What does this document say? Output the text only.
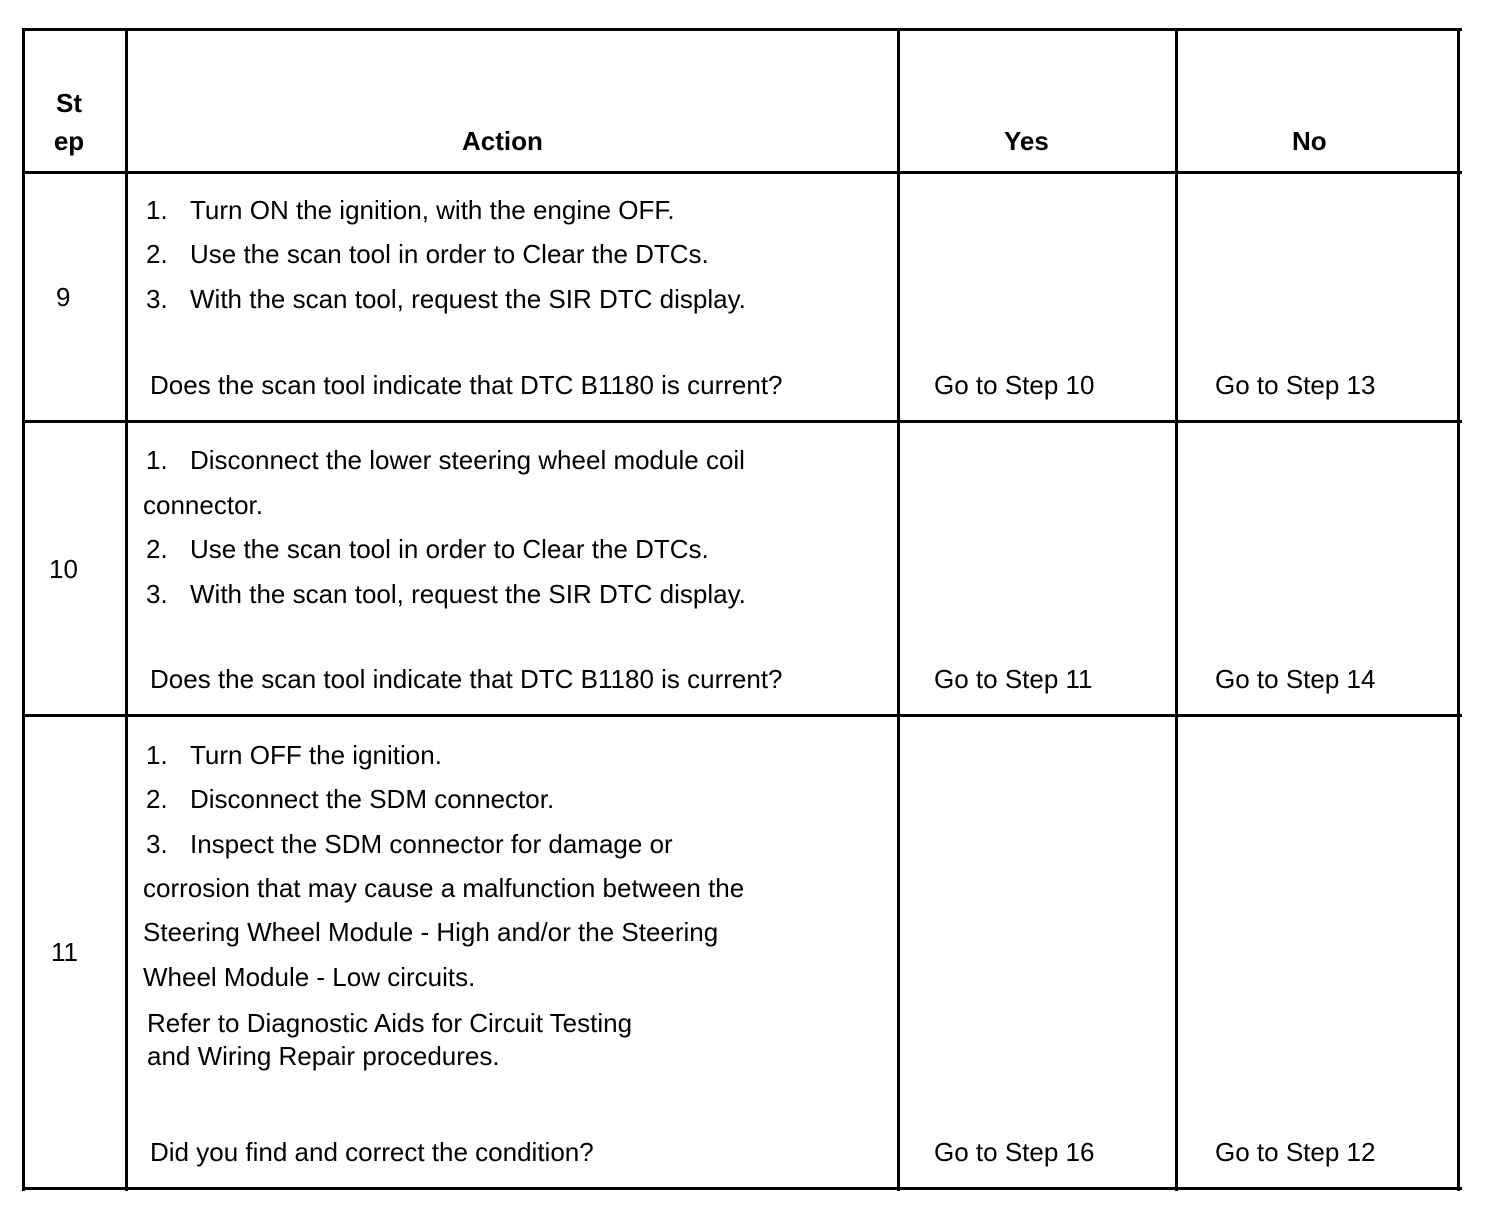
St
ep	Action	Yes	No
9
1. Turn ON the ignition, with the engine OFF.
2. Use the scan tool in order to Clear the DTCs.
3. With the scan tool, request the SIR DTC display.
Does the scan tool indicate that DTC B1180 is current?	Go to Step 10	Go to Step 13
10
1. Disconnect the lower steering wheel module coil
connector.
2. Use the scan tool in order to Clear the DTCs.
3. With the scan tool, request the SIR DTC display.
Does the scan tool indicate that DTC B1180 is current?	Go to Step 11	Go to Step 14
11
1. Turn OFF the ignition.
2. Disconnect the SDM connector.
3. Inspect the SDM connector for damage or
corrosion that may cause a malfunction between the
Steering Wheel Module - High and/or the Steering
Wheel Module - Low circuits.
Refer to Diagnostic Aids for Circuit Testing
and Wiring Repair procedures.
Did you find and correct the condition?	Go to Step 16	Go to Step 12
